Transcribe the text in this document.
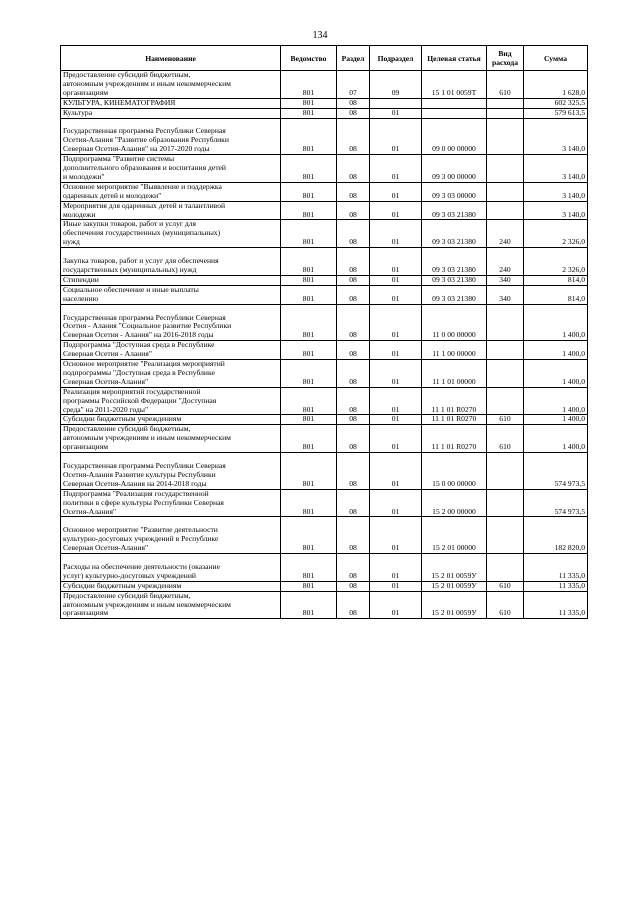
134
Наименование	Ведомство	Раздел	Подраздел	Целевая статья	Вид расхода	Сумма

Предоставление субсидий бюджетным,
автономным учреждениям и иным некоммерческим
организациям	801	07	09	15 1 01 0059Т	610	1 628,0

КУЛЬТУРА, КИНЕМАТОГРАФИЯ	801	08				602 325,5

Культура	801	08	01			579 613,5

Государственная программа Республики Северная
Осетия-Алания "Развитие образования Республики
Северная Осетия-Алания" на 2017-2020 годы	801	08	01	09 0 00 00000		3 140,0

Подпрограмма "Развитие системы
дополнительного образования и воспитания детей
и молодежи"	801	08	01	09 3 00 00000		3 140,0

Основное мероприятие "Выявление и поддержка
одаренных детей и молодежи"	801	08	01	09 3 03 00000		3 140,0

Мероприятия для одаренных детей и талантливой
молодежи	801	08	01	09 3 03 21380		3 140,0

Иные закупки товаров, работ и услуг для
обеспечения государственных (муниципальных)
нужд	801	08	01	09 3 03 21380	240	2 326,0

Закупка товаров, работ и услуг для обеспечения
государственных (муниципальных) нужд	801	08	01	09 3 03 21380	240	2 326,0

Стипендии	801	08	01	09 3 03 21380	340	814,0

Социальное обеспечение и иные выплаты
населению	801	08	01	09 3 03 21380	340	814,0

Государственная программа Республики Северная
Осетия - Алания "Социальное развитие Республики
Северная Осетия - Алания" на 2016-2018 годы	801	08	01	11 0 00 00000		1 400,0

Подпрограмма "Доступная среда в Республике
Северная Осетия - Алания"	801	08	01	11 1 00 00000		1 400,0

Основное мероприятие "Реализация мероприятий
подпрограммы "Доступная среда в Республике
Северная Осетия-Алания"	801	08	01	11 1 01 00000		1 400,0

Реализация мероприятий государственной
программы Российской Федерации "Доступная
среда" на 2011-2020 годы"	801	08	01	11 1 01 R0270		1 400,0

Субсидии бюджетным учреждениям	801	08	01	11 1 01 R0270	610	1 400,0

Предоставление субсидий бюджетным,
автономным учреждениям и иным некоммерческим
организациям	801	08	01	11 1 01 R0270	610	1 400,0

Государственная программа Республики Северная
Осетия-Алания Развитие культуры Республики
Северная Осетия-Алания на 2014-2018 годы	801	08	01	15 0 00 00000		574 973,5

Подпрограмма "Реализация государственной
политики в сфере культуры Республики Северная
Осетия-Алания"	801	08	01	15 2 00 00000		574 973,5

Основное мероприятие "Развитие деятельности
культурно-досуговых учреждений в Республике
Северная Осетия-Алания"	801	08	01	15 2 01 00000		182 820,0

Расходы на обеспечение деятельности (оказание
услуг) культурно-досуговых учреждений	801	08	01	15 2 01 0059У		11 335,0

Субсидии бюджетным учреждениям	801	08	01	15 2 01 0059У	610	11 335,0

Предоставление субсидий бюджетным,
автономным учреждениям и иным некоммерческим
организациям	801	08	01	15 2 01 0059У	610	11 335,0
